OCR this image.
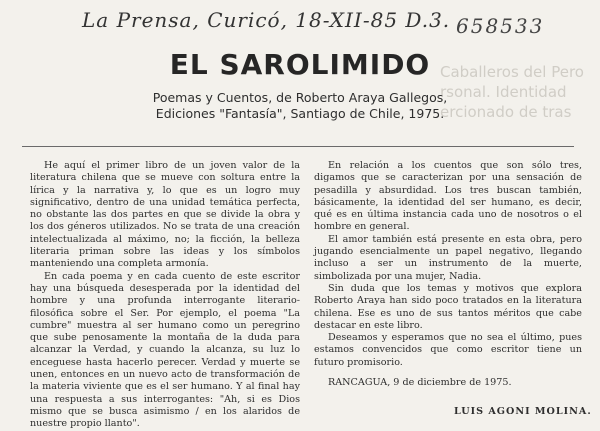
La Prensa, Curicó, 18-XII-85 D.3. 658533
Caballeros del Pero
rsonal. Identidad
ercionado de tras
EL SAROLIMIDO
Poemas y Cuentos, de Roberto Araya Gallegos,
Ediciones "Fantasía", Santiago de Chile, 1975.

He aquí el primer libro de un joven valor de la literatura chilena que se mueve con soltura entre la lírica y la narrativa y, lo que es un logro muy significativo, dentro de una unidad temática perfecta, no obstante las dos partes en que se divide la obra y los dos géneros utilizados. No se trata de una creación intelectualizada al máximo, no; la ficción, la belleza literaria priman sobre las ideas y los símbolos manteniendo una completa armonía.

En cada poema y en cada cuento de este escritor hay una búsqueda desesperada por la identidad del hombre y una profunda interrogante literario- filosófica sobre el Ser. Por ejemplo, el poema "La cumbre" muestra al ser humano como un peregrino que sube penosamente la montaña de la duda para alcanzar la Verdad, y cuando la alcanza, su luz lo enceguese hasta hacerlo perecer. Verdad y muerte se unen, entonces en un nuevo acto de transformación de la materia viviente que es el ser humano. Y al final hay una respuesta a sus interrogantes: "Ah, si es Dios mismo que se busca asimismo / en los alaridos de nuestre propio llanto".

En relación a los cuentos que son sólo tres, digamos que se caracterizan por una sensación de pesadilla y absurdidad. Los tres buscan también, básicamente, la identidad del ser humano, es decir, qué es en última instancia cada uno de nosotros o el hombre en general.

El amor también está presente en esta obra, pero jugando esencialmente un papel negativo, llegando incluso a ser un instrumento de la muerte, simbolizada por una mujer, Nadia.

Sin duda que los temas y motivos que explora Roberto Araya han sido poco tratados en la literatura chilena. Ese es uno de sus tantos méritos que cabe destacar en este libro.

Deseamos y esperamos que no sea el último, pues estamos convencidos que como escritor tiene un futuro promisorio.

RANCAGUA, 9 de diciembre de 1975.

LUIS AGONI MOLINA.
